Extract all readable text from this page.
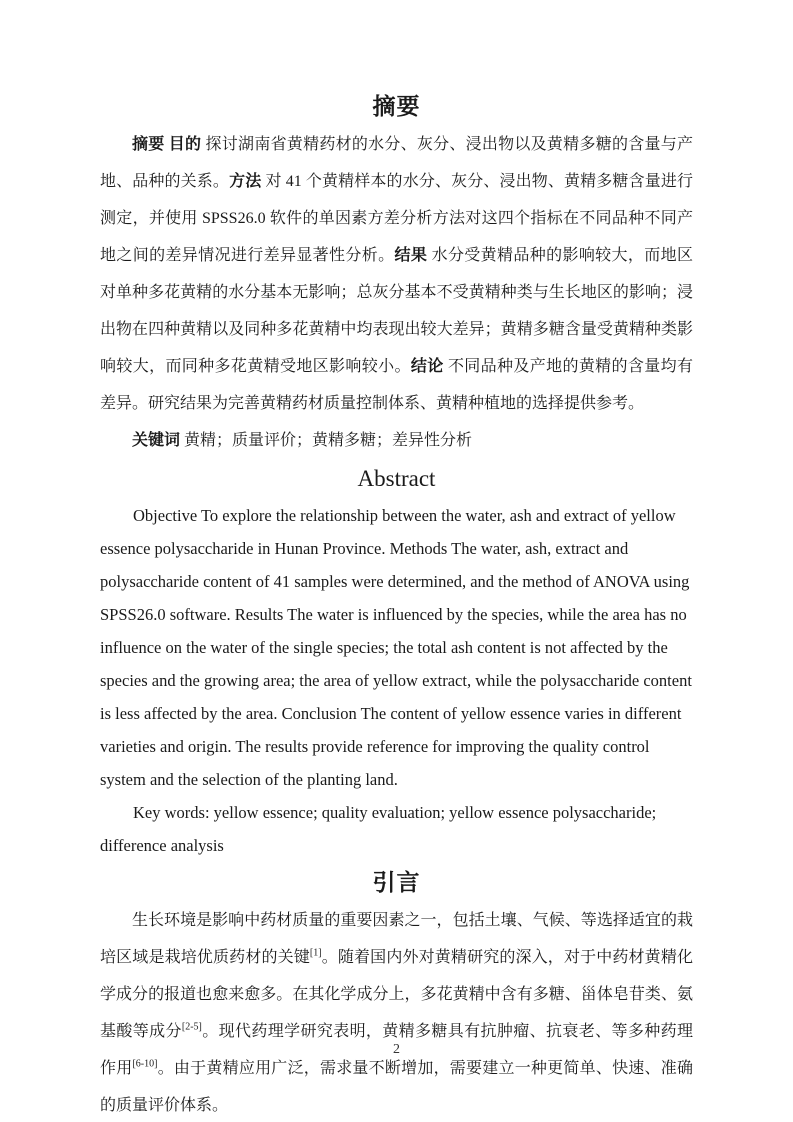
摘要

摘要 目的 探讨湖南省黄精药材的水分、灰分、浸出物以及黄精多糖的含量与产地、品种的关系。方法 对 41 个黄精样本的水分、灰分、浸出物、黄精多糖含量进行测定，并使用 SPSS26.0 软件的单因素方差分析方法对这四个指标在不同品种不同产地之间的差异情况进行差异显著性分析。结果 水分受黄精品种的影响较大，而地区对单种多花黄精的水分基本无影响；总灰分基本不受黄精种类与生长地区的影响；浸出物在四种黄精以及同种多花黄精中均表现出较大差异；黄精多糖含量受黄精种类影响较大，而同种多花黄精受地区影响较小。结论 不同品种及产地的黄精的含量均有差异。研究结果为完善黄精药材质量控制体系、黄精种植地的选择提供参考。

关键词 黄精；质量评价；黄精多糖；差异性分析

Abstract

Objective To explore the relationship between the water, ash and extract of yellow essence polysaccharide in Hunan Province. Methods The water, ash, extract and polysaccharide content of 41 samples were determined, and the method of ANOVA using SPSS26.0 software. Results The water is influenced by the species, while the area has no influence on the water of the single species; the total ash content is not affected by the species and the growing area; the area of yellow extract, while the polysaccharide content is less affected by the area. Conclusion The content of yellow essence varies in different varieties and origin. The results provide reference for improving the quality control system and the selection of the planting land.

Key words: yellow essence; quality evaluation; yellow essence polysaccharide; difference analysis

引言

生长环境是影响中药材质量的重要因素之一，包括土壤、气候、等选择适宜的栽培区域是栽培优质药材的关键[1]。随着国内外对黄精研究的深入，对于中药材黄精化学成分的报道也愈来愈多。在其化学成分上，多花黄精中含有多糖、甾体皂苷类、氨基酸等成分[2-5]。现代药理学研究表明，黄精多糖具有抗肿瘤、抗衰老、等多种药理作用[6-10]。由于黄精应用广泛，需求量不断增加，需要建立一种更简单、快速、准确的质量评价体系。

2
